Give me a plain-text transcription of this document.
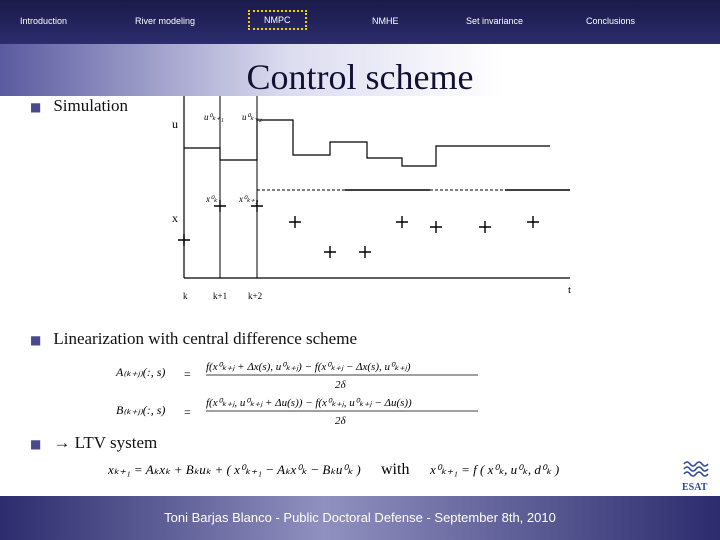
Introduction	River modeling	NMPC	NMHE	Set invariance	Conclusions
Control scheme
■ Simulation
u⁰ₖ₊₁ u⁰ₖ₊₂
x⁰ₖ x⁰ₖ₊₂
u
x
t
k	k+1 k+2
■ Linearization with central difference scheme
A₍ₖ₊ⱼ₎(:, s) = f(x⁰ₖ₊ⱼ + Δx(s), u⁰ₖ₊ⱼ) − f(x⁰ₖ₊ⱼ − Δx(s), u⁰ₖ₊ⱼ)
2δ
B₍ₖ₊ⱼ₎(:, s) =
f(x⁰ₖ₊ⱼ, u⁰ₖ₊ⱼ + Δu(s)) − f(x⁰ₖ₊ⱼ, u⁰ₖ₊ⱼ − Δu(s))
2δ
■ → LTV system
xₖ₊₁ = Aₖxₖ + Bₖuₖ + ( x⁰ₖ₊₁ − Aₖx⁰ₖ − Bₖu⁰ₖ )	x⁰ₖ₊₁ = f ( x⁰ₖ, u⁰ₖ, d⁰ₖ )
with
ESAT
Toni Barjas Blanco - Public Doctoral Defense - September 8th, 2010
